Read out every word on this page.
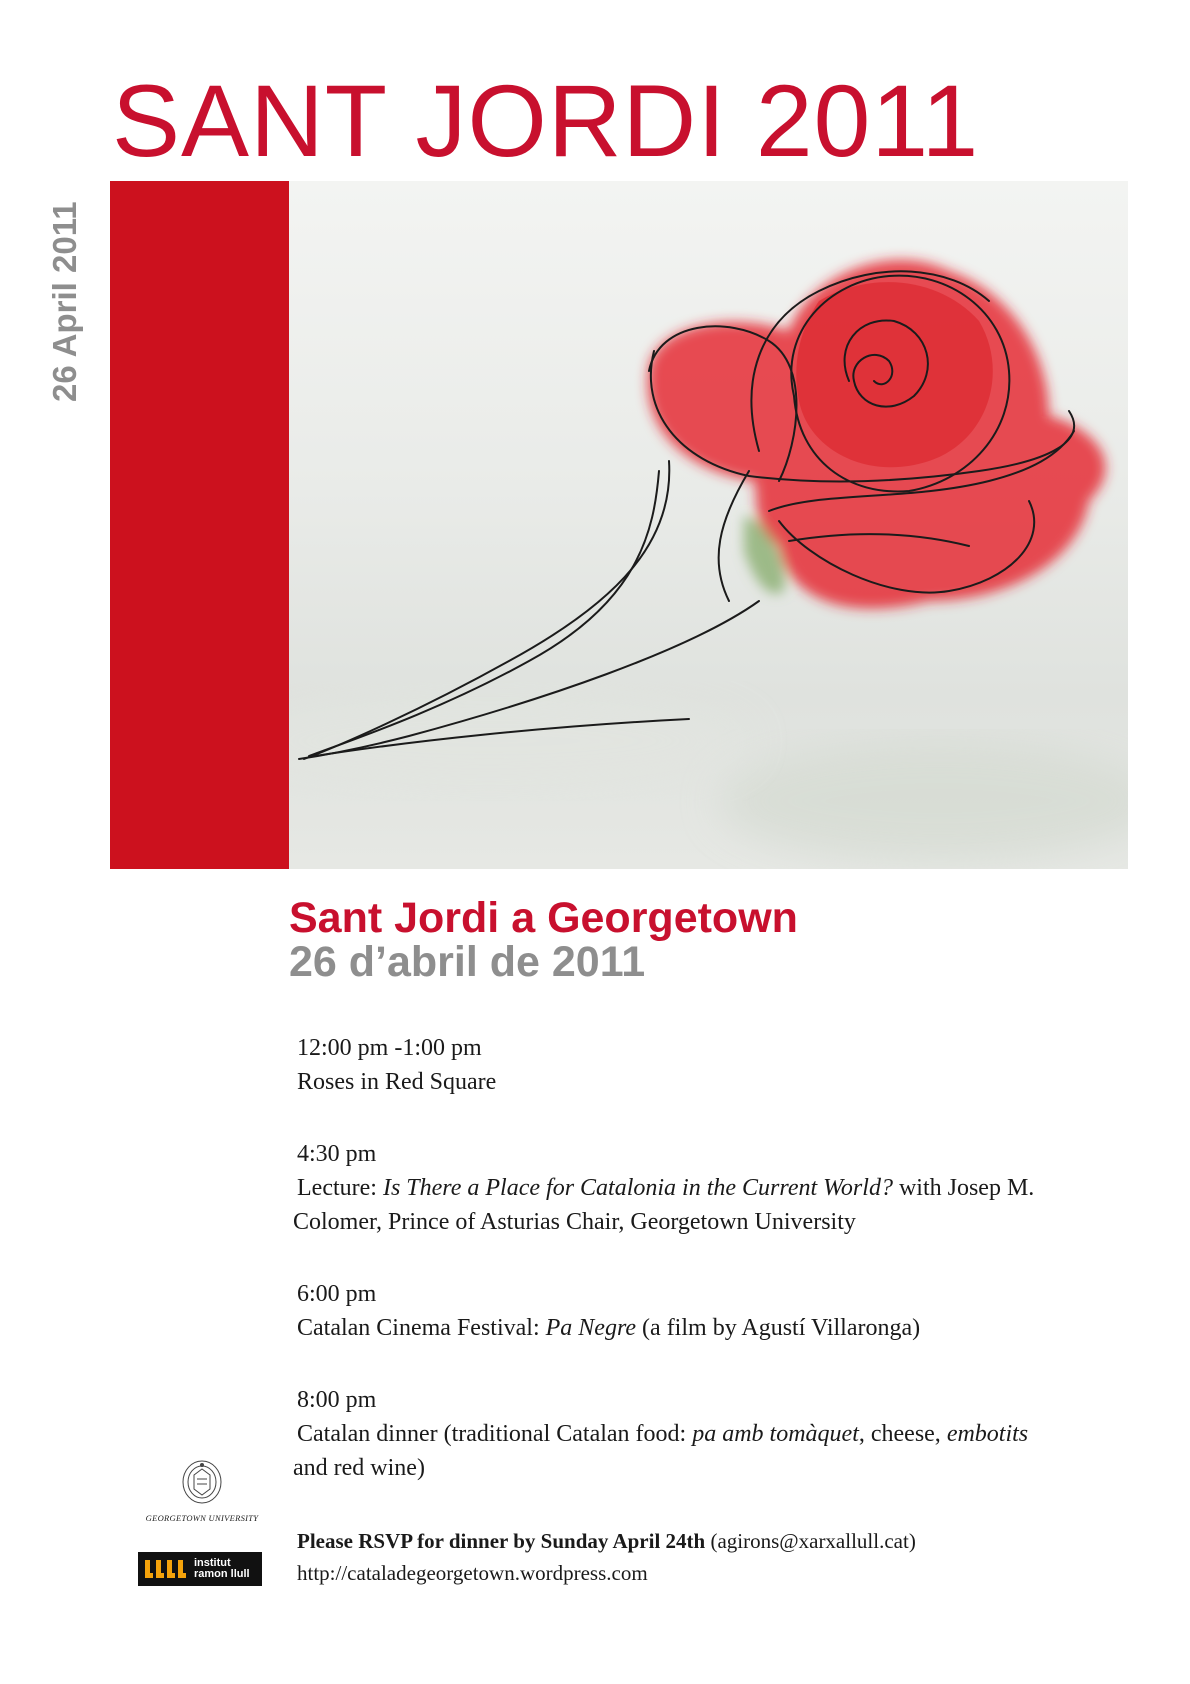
SANT JORDI 2011
26 April 2011
Sant Jordi a Georgetown
26 d’abril de 2011

12:00 pm -1:00 pm

Roses in Red Square

4:30 pm

Lecture: Is There a Place for Catalonia in the Current World? with Josep M.

Colomer, Prince of Asturias Chair, Georgetown University

6:00 pm

Catalan Cinema Festival: Pa Negre (a film by Agustí Villaronga)

8:00 pm

Catalan dinner (traditional Catalan food: pa amb tomàquet, cheese, embotits

and red wine)

Please RSVP for dinner by Sunday April 24th (agirons@xarxallull.cat)

http://cataladegeorgetown.wordpress.com

GEORGETOWN UNIVERSITY
institut
ramon llull
